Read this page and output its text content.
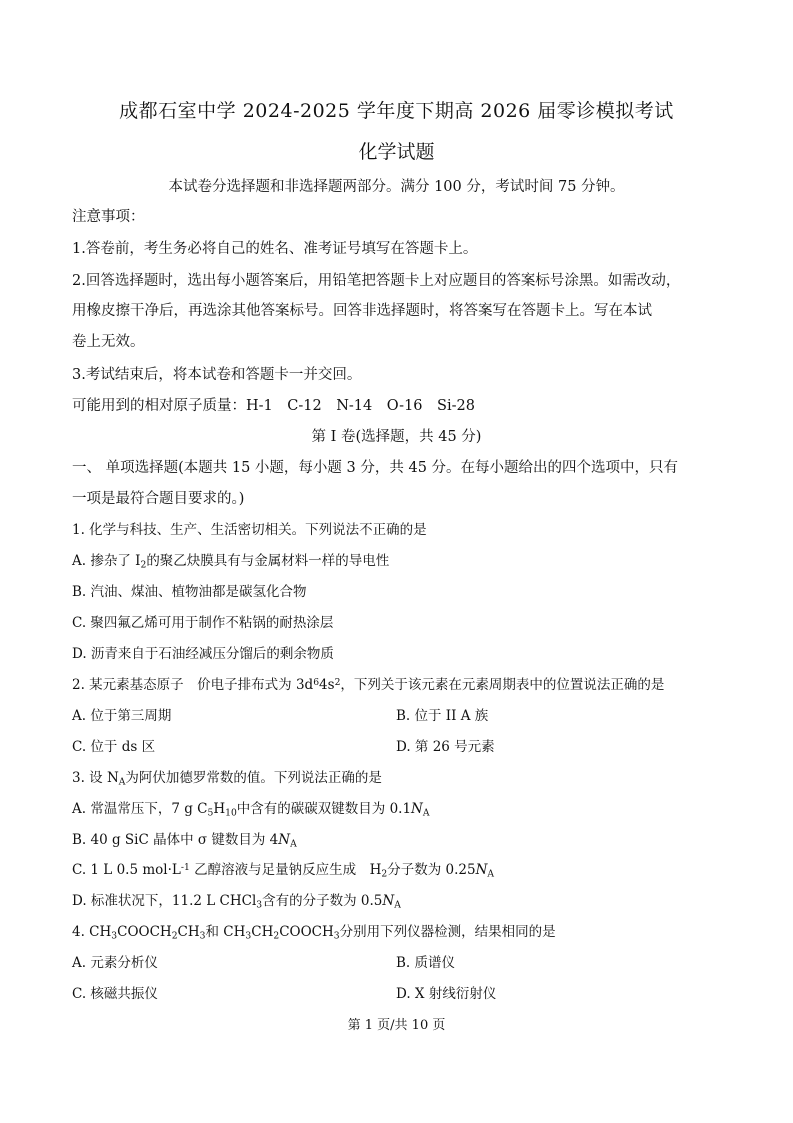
成都石室中学 2024-2025 学年度下期高 2026 届零诊模拟考试
化学试题
本试卷分选择题和非选择题两部分。满分 100 分，考试时间 75 分钟。
注意事项：
1.答卷前，考生务必将自己的姓名、准考证号填写在答题卡上。
2.回答选择题时，选出每小题答案后，用铅笔把答题卡上对应题目的答案标号涂黑。如需改动，
用橡皮擦干净后，再选涂其他答案标号。回答非选择题时，将答案写在答题卡上。写在本试
卷上无效。
3.考试结束后，将本试卷和答题卡一并交回。
可能用到的相对原子质量：H-1　C-12　N-14　O-16　Si-28
第 I 卷(选择题，共 45 分)
一、 单项选择题(本题共 15 小题，每小题 3 分，共 45 分。在每小题给出的四个选项中，只有
一项是最符合题目要求的。)
1. 化学与科技、生产、生活密切相关。下列说法不正确的是
A. 掺杂了 $I_2$的聚乙炔膜具有与金属材料一样的导电性
B. 汽油、煤油、植物油都是碳氢化合物
C. 聚四氟乙烯可用于制作不粘锅的耐热涂层
D. 沥青来自于石油经减压分馏后的剩余物质
2. 某元素基态原子　价电子排布式为 $3d^64s^2$，下列关于该元素在元素周期表中的位置说法正确的是
A. 位于第三周期	B. 位于 II A 族
C. 位于 ds 区	D. 第 26 号元素
3. 设 $N_A$为阿伏加德罗常数的值。下列说法正确的是
A. 常温常压下，7 g $C_5H_{10}$中含有的碳碳双键数目为 $0.1N_A$
B. 40 g SiC 晶体中 σ 键数目为 $4N_A$
C. 1 L 0.5 $mol\cdot L^{-1}$ 乙醇溶液与足量钠反应生成　$H_2$分子数为 $0.25N_A$
D. 标准状况下，11.2 L CHCl$_3$含有的分子数为 $0.5N_A$
4. $CH_3COOCH_2CH_3$和 $CH_3CH_2COOCH_3$分别用下列仪器检测，结果相同的是
A. 元素分析仪	B. 质谱仪
C. 核磁共振仪	D. X 射线衍射仪
第 1 页/共 10 页
